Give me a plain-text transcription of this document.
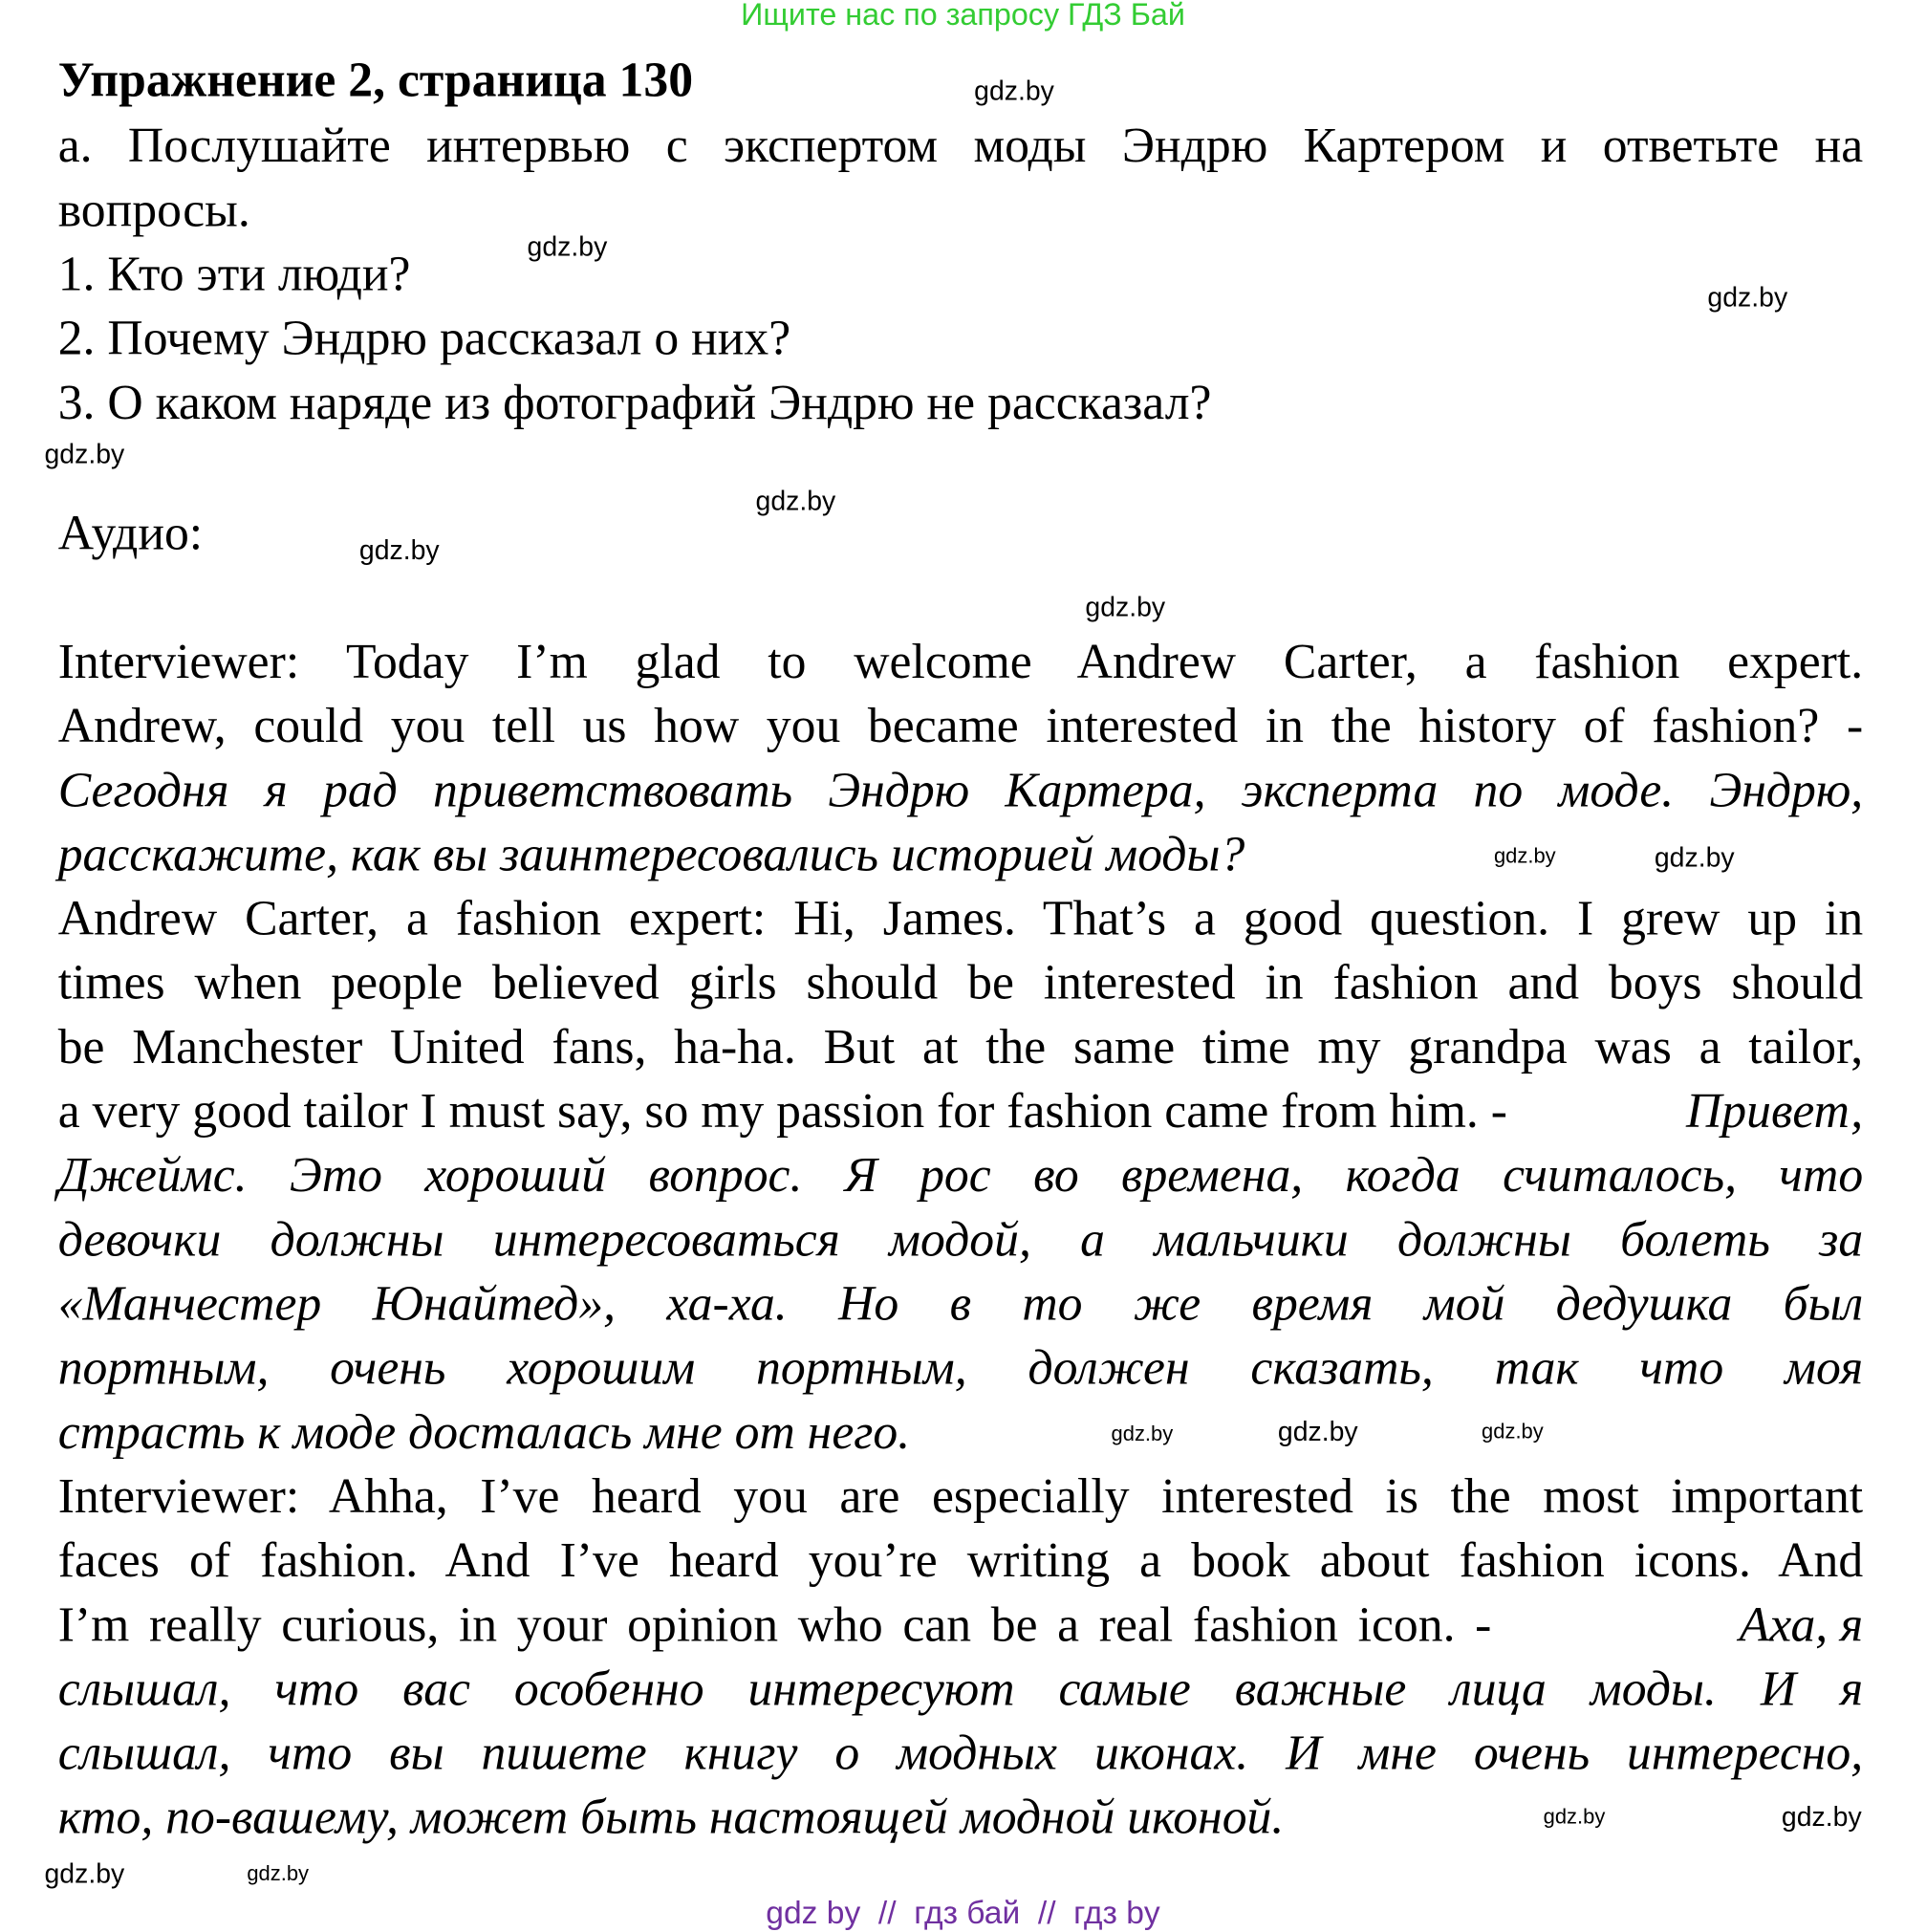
Ищите нас по запросу ГДЗ Бай
Упражнение 2, страница 130
а. Послушайте интервью с экспертом моды Эндрю Картером и ответьте на
вопросы.
1. Кто эти люди?
2. Почему Эндрю рассказал о них?
3. О каком наряде из фотографий Эндрю не рассказал?
Аудио:
Interviewer: Today I’m glad to welcome Andrew Carter, a fashion expert.
Andrew, could you tell us how you became interested in the history of fashion? -
Сегодня я рад приветствовать Эндрю Картера, эксперта по моде. Эндрю,
расскажите, как вы заинтересовались историей моды?
Andrew Carter, a fashion expert: Hi, James. That’s a good question. I grew up in
times when people believed girls should be interested in fashion and boys should
be Manchester United fans, ha-ha. But at the same time my grandpa was a tailor,
a very good tailor I must say, so my passion for fashion came from him. -	Привет,
Джеймс. Это хороший вопрос. Я рос во времена, когда считалось, что
девочки должны интересоваться модой, а мальчики должны болеть за
«Манчестер Юнайтед», ха-ха. Но в то же время мой дедушка был
портным, очень хорошим портным, должен сказать, так что моя
страсть к моде досталась мне от него.
Interviewer: Ahha, I’ve heard you are especially interested is the most important
faces of fashion. And I’ve heard you’re writing a book about fashion icons. And
I’m really curious, in your opinion who can be a real fashion icon. -	Аха, я
слышал, что вас особенно интересуют самые важные лица моды. И я
слышал, что вы пишете книгу о модных иконах. И мне очень интересно,
кто, по-вашему, может быть настоящей модной иконой.
gdz.by
gdz.by
gdz.by
gdz.by
gdz.by
gdz.by
gdz.by
gdz.by
gdz.by
gdz.by
gdz.by
gdz.by
gdz.by
gdz.by
gdz.by
gdz.by
gdz by  //  гдз бай  //  гдз by
